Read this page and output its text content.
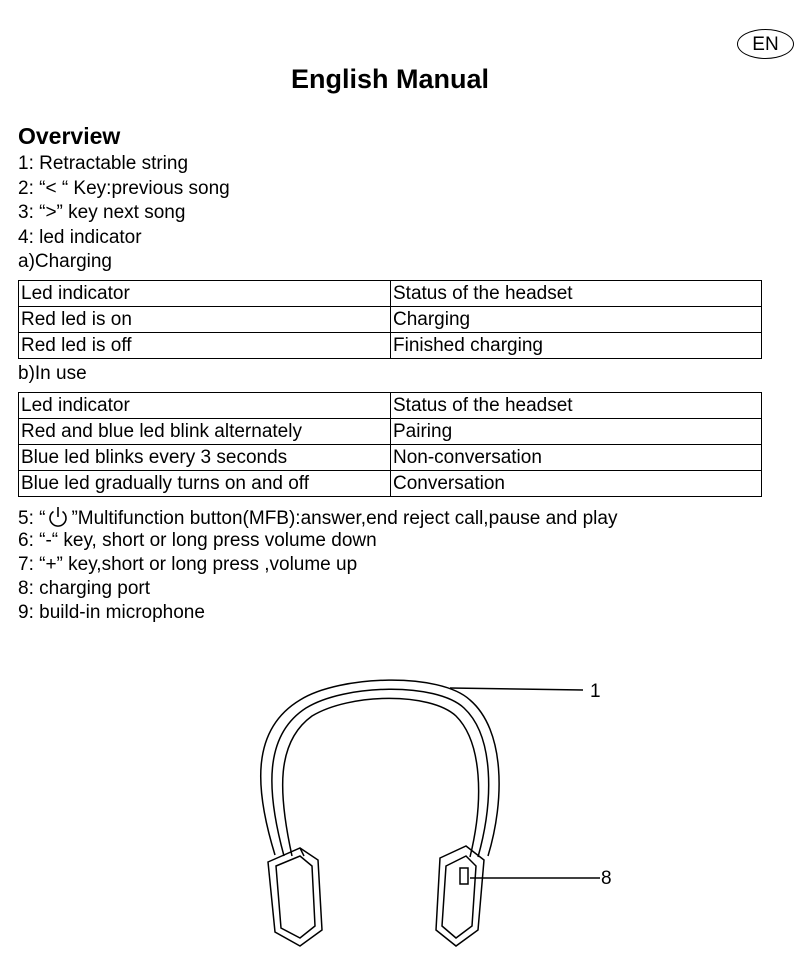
EN
English Manual
Overview

1: Retractable string

2: “< “ Key:previous song

3: “>” key next song

4: led indicator

a)Charging

Led indicator	Status of the headset
Red led is on	Charging
Red led is off	Finished charging

b)In use

Led indicator	Status of the headset
Red and blue led blink alternately	Pairing
Blue led blinks every 3 seconds	Non-conversation
Blue led gradually turns on and off	Conversation

5: “ ”Multifunction button(MFB):answer,end reject call,pause and play

6: “-“ key, short or long press volume down

7: “+” key,short or long press ,volume up

8: charging port

9: build-in microphone

1
8
